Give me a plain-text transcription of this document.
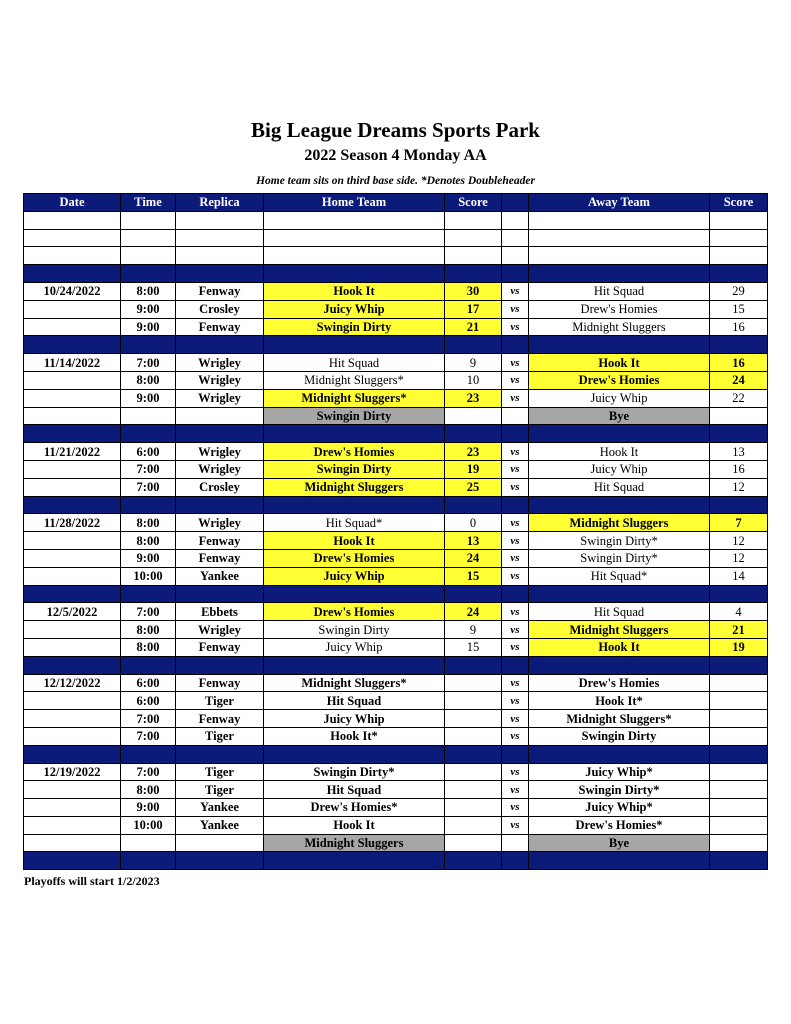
Big League Dreams Sports Park
2022 Season 4 Monday AA
Home team sits on third base side. *Denotes Doubleheader
Date	Time	Replica	Home Team	Score		Away Team	Score

10/24/2022	8:00	Fenway	Hook It	30	vs	Hit Squad	29
	9:00	Crosley	Juicy Whip	17	vs	Drew's Homies	15
	9:00	Fenway	Swingin Dirty	21	vs	Midnight Sluggers	16

11/14/2022	7:00	Wrigley	Hit Squad	9	vs	Hook It	16
	8:00	Wrigley	Midnight Sluggers*	10	vs	Drew's Homies	24
	9:00	Wrigley	Midnight Sluggers*	23	vs	Juicy Whip	22
			Swingin Dirty			Bye	

11/21/2022	6:00	Wrigley	Drew's Homies	23	vs	Hook It	13
	7:00	Wrigley	Swingin Dirty	19	vs	Juicy Whip	16
	7:00	Crosley	Midnight Sluggers	25	vs	Hit Squad	12

11/28/2022	8:00	Wrigley	Hit Squad*	0	vs	Midnight Sluggers	7
	8:00	Fenway	Hook It	13	vs	Swingin Dirty*	12
	9:00	Fenway	Drew's Homies	24	vs	Swingin Dirty*	12
	10:00	Yankee	Juicy Whip	15	vs	Hit Squad*	14

12/5/2022	7:00	Ebbets	Drew's Homies	24	vs	Hit Squad	4
	8:00	Wrigley	Swingin Dirty	9	vs	Midnight Sluggers	21
	8:00	Fenway	Juicy Whip	15	vs	Hook It	19

12/12/2022	6:00	Fenway	Midnight Sluggers*		vs	Drew's Homies	
	6:00	Tiger	Hit Squad		vs	Hook It*	
	7:00	Fenway	Juicy Whip		vs	Midnight Sluggers*	
	7:00	Tiger	Hook It*		vs	Swingin Dirty	

12/19/2022	7:00	Tiger	Swingin Dirty*		vs	Juicy Whip*	
	8:00	Tiger	Hit Squad		vs	Swingin Dirty*	
	9:00	Yankee	Drew's Homies*		vs	Juicy Whip*	
	10:00	Yankee	Hook It		vs	Drew's Homies*	
			Midnight Sluggers			Bye	

Playoffs will start 1/2/2023
